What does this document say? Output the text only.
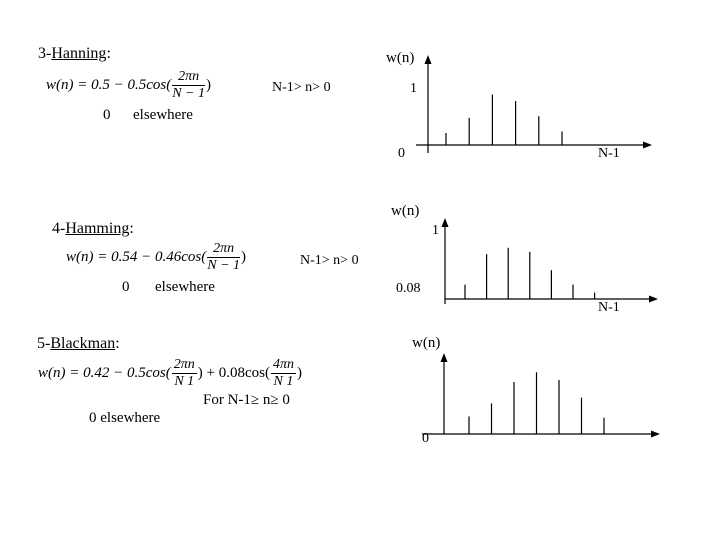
3-Hanning:
$w(n) = 0.5 - 0.5\cos( \frac{2\pi n}{N - 1}$ )	N-1> n> 0
0 elsewhere
w(n)
1
0	N-1
4-Hamming:
$w(n) = 0.54 - 0.46\cos( \frac{2\pi n}{N - 1}$ )	N-1> n> 0
0 elsewhere
w(n)
1
0.08
N-1
5-Blackman:
$w(n) = 0.42 - 0.5\cos( \frac{2\pi n}{N 1}$ ) + $0.08\cos( \frac{4\pi n}{N 1}$ )
For N-1≥ n≥ 0
0 elsewhere
w(n)
0
